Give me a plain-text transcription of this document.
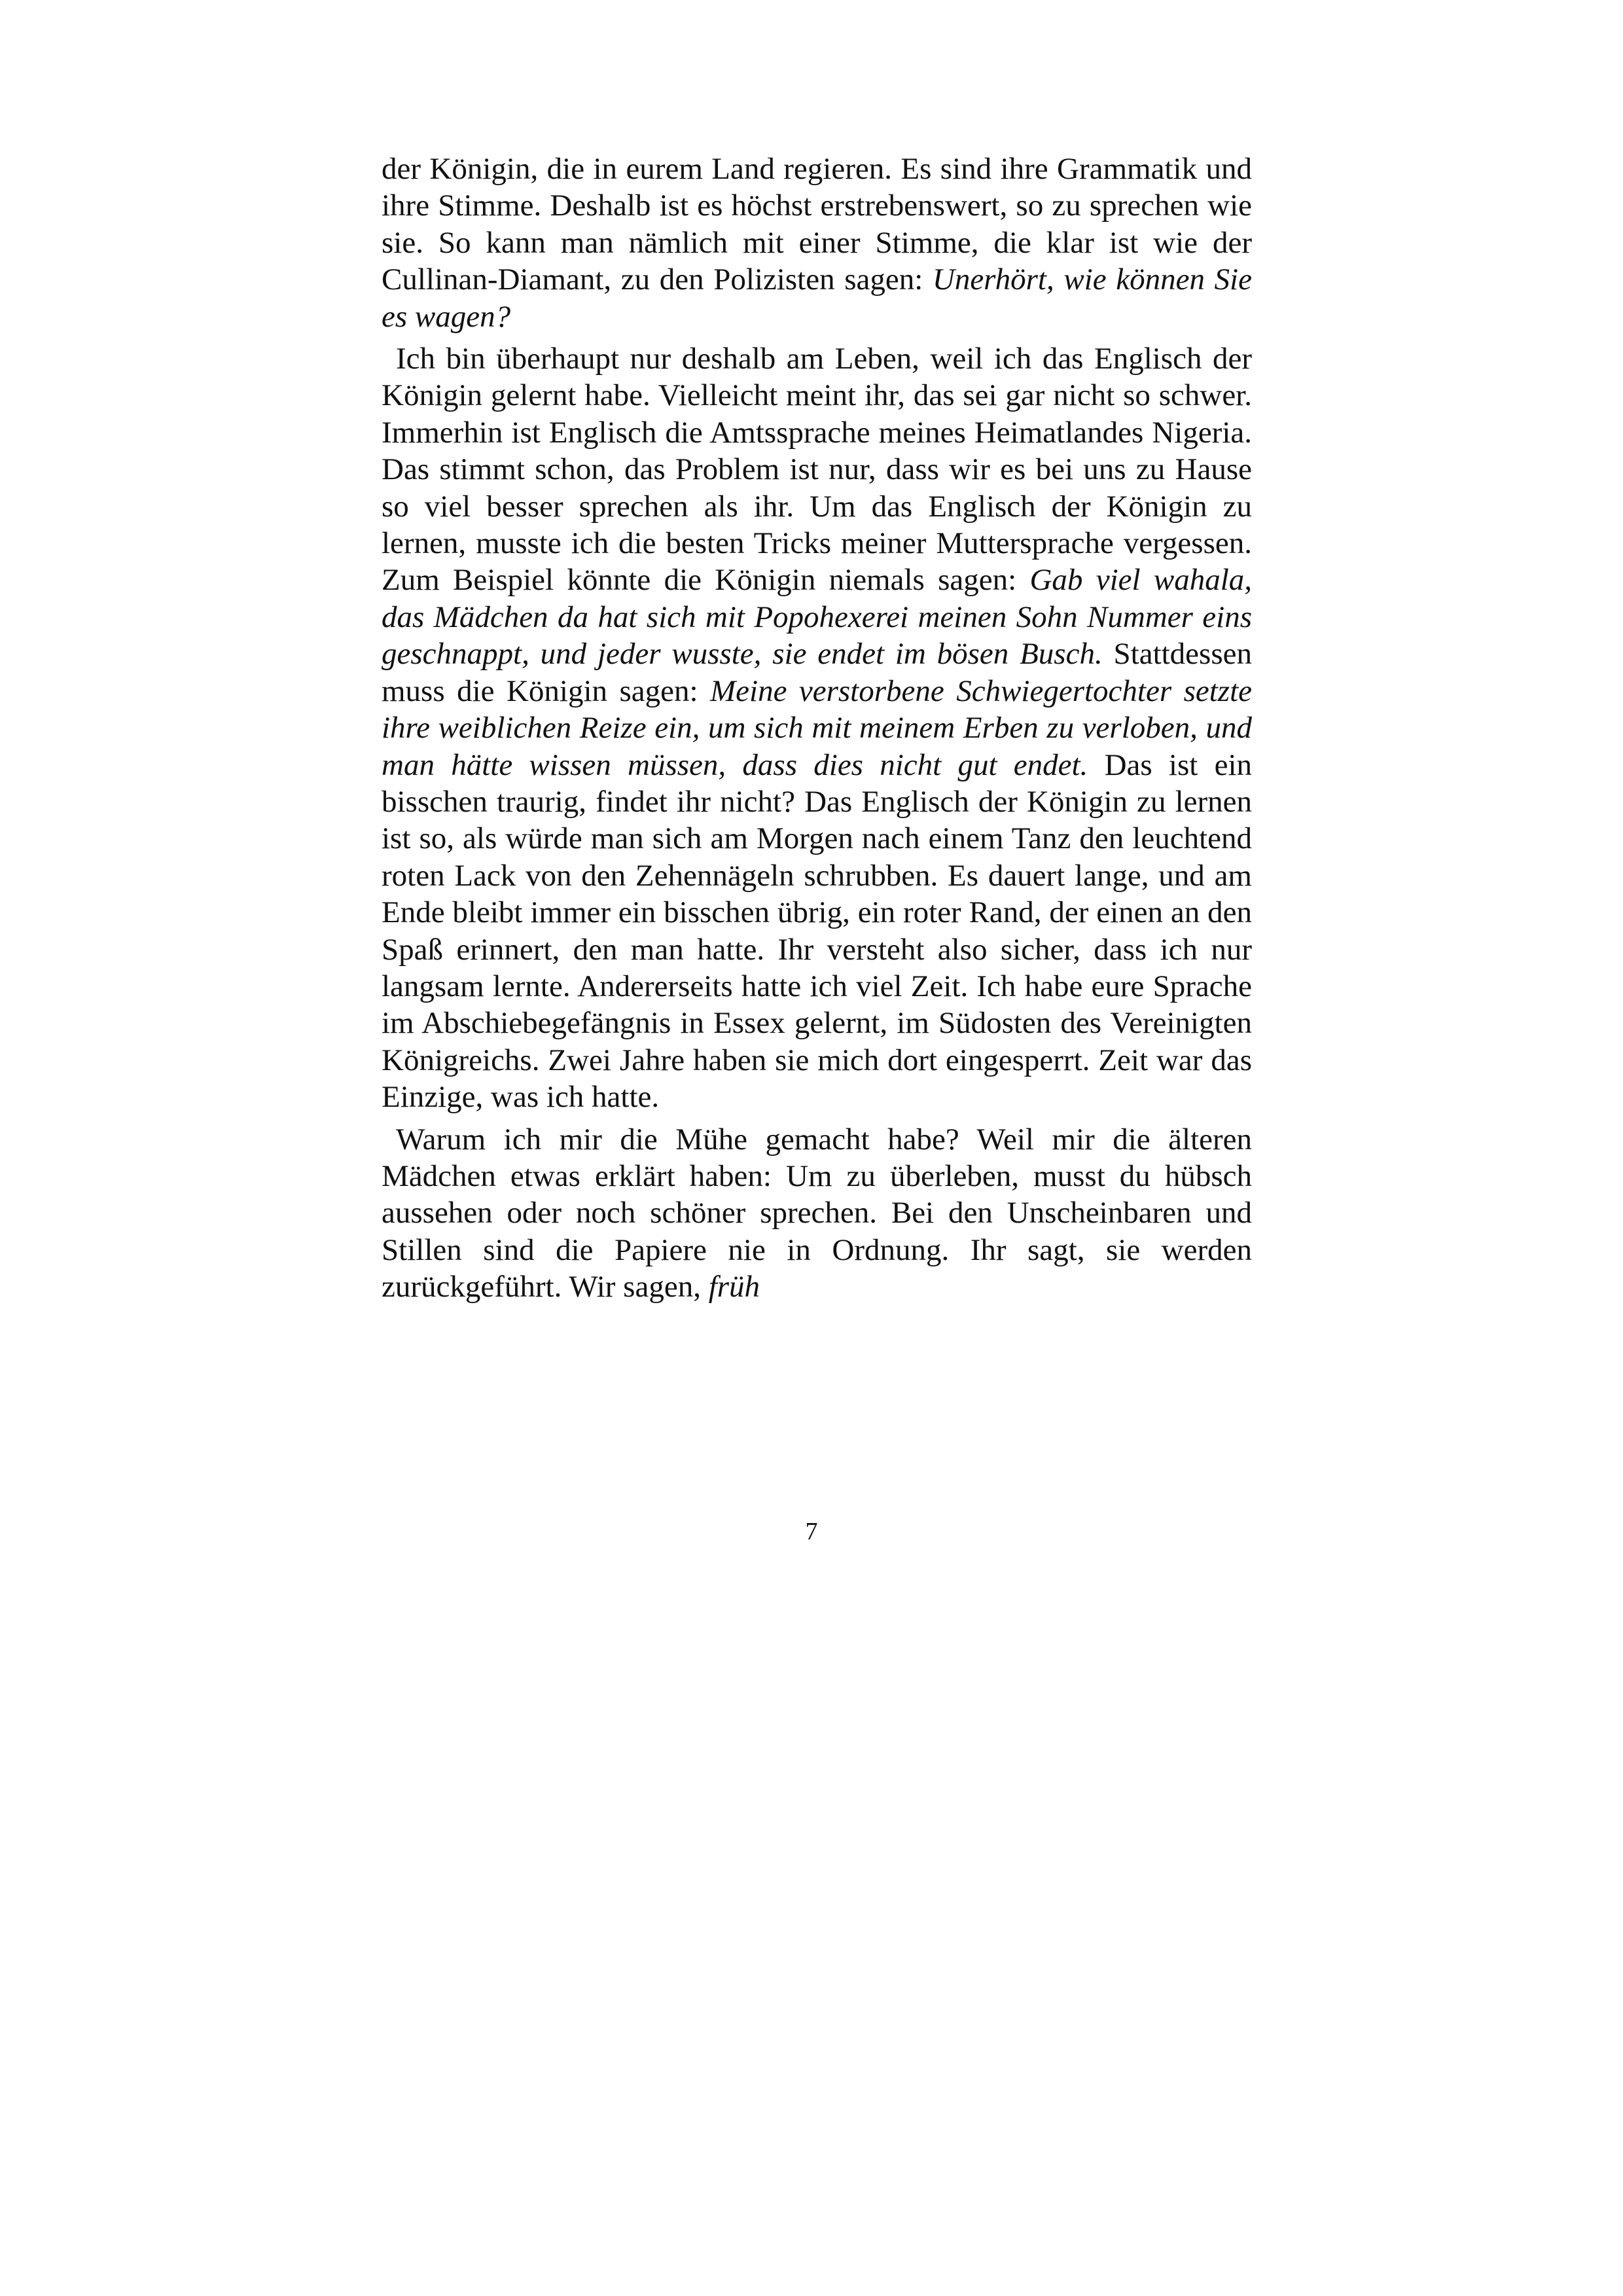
der Königin, die in eurem Land regieren. Es sind ihre Grammatik und ihre Stimme. Deshalb ist es höchst erstrebenswert, so zu sprechen wie sie. So kann man nämlich mit einer Stimme, die klar ist wie der Cullinan-Diamant, zu den Polizisten sagen: Unerhört, wie können Sie es wagen?

Ich bin überhaupt nur deshalb am Leben, weil ich das Englisch der Königin gelernt habe. Vielleicht meint ihr, das sei gar nicht so schwer. Immerhin ist Englisch die Amtssprache meines Heimatlandes Nigeria. Das stimmt schon, das Problem ist nur, dass wir es bei uns zu Hause so viel besser sprechen als ihr. Um das Englisch der Königin zu lernen, musste ich die besten Tricks meiner Muttersprache vergessen. Zum Beispiel könnte die Königin niemals sagen: Gab viel wahala, das Mädchen da hat sich mit Popohexerei meinen Sohn Nummer eins geschnappt, und jeder wusste, sie endet im bösen Busch. Stattdessen muss die Königin sagen: Meine verstorbene Schwiegertochter setzte ihre weiblichen Reize ein, um sich mit meinem Erben zu verloben, und man hätte wissen müssen, dass dies nicht gut endet. Das ist ein bisschen traurig, findet ihr nicht? Das Englisch der Königin zu lernen ist so, als würde man sich am Morgen nach einem Tanz den leuchtend roten Lack von den Zehennägeln schrubben. Es dauert lange, und am Ende bleibt immer ein bisschen übrig, ein roter Rand, der einen an den Spaß erinnert, den man hatte. Ihr versteht also sicher, dass ich nur langsam lernte. Andererseits hatte ich viel Zeit. Ich habe eure Sprache im Abschiebegefängnis in Essex gelernt, im Südosten des Vereinigten Königreichs. Zwei Jahre haben sie mich dort eingesperrt. Zeit war das Einzige, was ich hatte.

Warum ich mir die Mühe gemacht habe? Weil mir die älteren Mädchen etwas erklärt haben: Um zu überleben, musst du hübsch aussehen oder noch schöner sprechen. Bei den Unscheinbaren und Stillen sind die Papiere nie in Ordnung. Ihr sagt, sie werden zurückgeführt. Wir sagen, früh

7
